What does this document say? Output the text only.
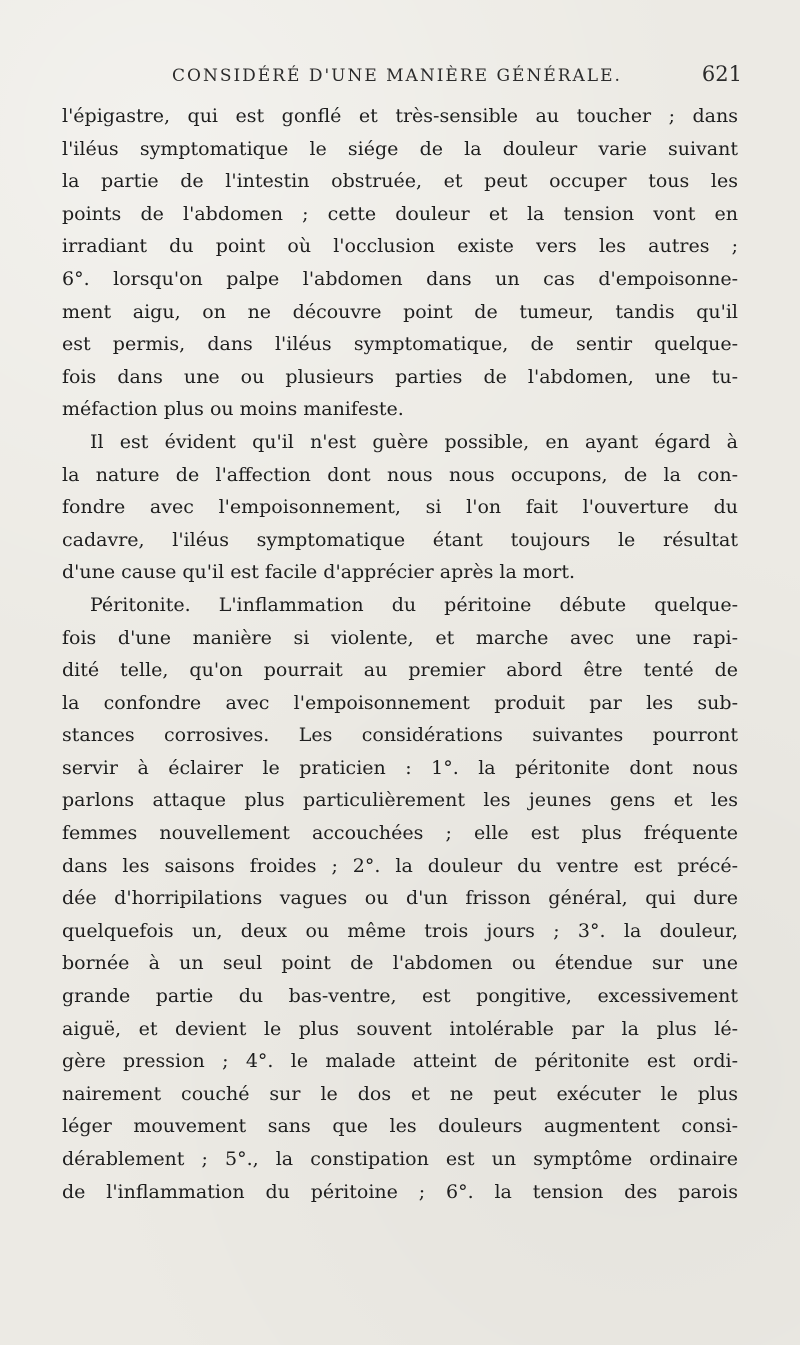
CONSIDÉRÉ D'UNE MANIÈRE GÉNÉRALE.	621
l'épigastre, qui est gonflé et très-sensible au toucher ; dans
l'iléus symptomatique le siége de la douleur varie suivant
la partie de l'intestin obstruée, et peut occuper tous les
points de l'abdomen ; cette douleur et la tension vont en
irradiant du point où l'occlusion existe vers les autres ;
6°. lorsqu'on palpe l'abdomen dans un cas d'empoisonne-
ment aigu, on ne découvre point de tumeur, tandis qu'il
est permis, dans l'iléus symptomatique, de sentir quelque-
fois dans une ou plusieurs parties de l'abdomen, une tu-
méfaction plus ou moins manifeste.
Il est évident qu'il n'est guère possible, en ayant égard à
la nature de l'affection dont nous nous occupons, de la con-
fondre avec l'empoisonnement, si l'on fait l'ouverture du
cadavre, l'iléus symptomatique étant toujours le résultat
d'une cause qu'il est facile d'apprécier après la mort.
Péritonite. L'inflammation du péritoine débute quelque-
fois d'une manière si violente, et marche avec une rapi-
dité telle, qu'on pourrait au premier abord être tenté de
la confondre avec l'empoisonnement produit par les sub-
stances corrosives. Les considérations suivantes pourront
servir à éclairer le praticien : 1°. la péritonite dont nous
parlons attaque plus particulièrement les jeunes gens et les
femmes nouvellement accouchées ; elle est plus fréquente
dans les saisons froides ; 2°. la douleur du ventre est précé-
dée d'horripilations vagues ou d'un frisson général, qui dure
quelquefois un, deux ou même trois jours ; 3°. la douleur,
bornée à un seul point de l'abdomen ou étendue sur une
grande partie du bas-ventre, est pongitive, excessivement
aiguë, et devient le plus souvent intolérable par la plus lé-
gère pression ; 4°. le malade atteint de péritonite est ordi-
nairement couché sur le dos et ne peut exécuter le plus
léger mouvement sans que les douleurs augmentent consi-
dérablement ; 5°., la constipation est un symptôme ordinaire
de l'inflammation du péritoine ; 6°. la tension des parois
